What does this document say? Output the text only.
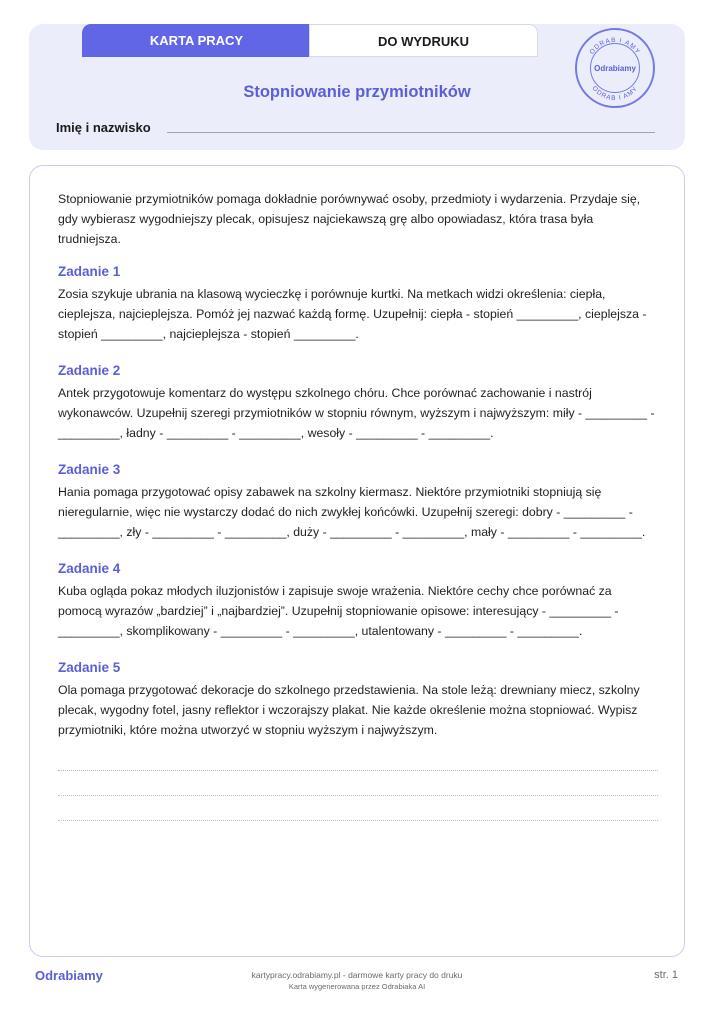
KARTA PRACY	DO WYDRUKU
ODRAB I AMY
ODRAB I AMY
Odrabiamy
Stopniowanie przymiotników
Imię i nazwisko

Stopniowanie przymiotników pomaga dokładnie porównywać osoby, przedmioty i wydarzenia. Przydaje się, gdy wybierasz wygodniejszy plecak, opisujesz najciekawszą grę albo opowiadasz, która trasa była trudniejsza.

Zadanie 1

Zosia szykuje ubrania na klasową wycieczkę i porównuje kurtki. Na metkach widzi określenia: ciepła, cieplejsza, najcieplejsza. Pomóż jej nazwać każdą formę. Uzupełnij: ciepła - stopień _________, cieplejsza - stopień _________, najcieplejsza - stopień _________.

Zadanie 2

Antek przygotowuje komentarz do występu szkolnego chóru. Chce porównać zachowanie i nastrój wykonawców. Uzupełnij szeregi przymiotników w stopniu równym, wyższym i najwyższym: miły - _________ - _________, ładny - _________ - _________, wesoły - _________ - _________.

Zadanie 3

Hania pomaga przygotować opisy zabawek na szkolny kiermasz. Niektóre przymiotniki stopniują się nieregularnie, więc nie wystarczy dodać do nich zwykłej końcówki. Uzupełnij szeregi: dobry - _________ - _________, zły - _________ - _________, duży - _________ - _________, mały - _________ - _________.

Zadanie 4

Kuba ogląda pokaz młodych iluzjonistów i zapisuje swoje wrażenia. Niektóre cechy chce porównać za pomocą wyrazów „bardziej” i „najbardziej”. Uzupełnij stopniowanie opisowe: interesujący - _________ - _________, skomplikowany - _________ - _________, utalentowany - _________ - _________.

Zadanie 5

Ola pomaga przygotować dekoracje do szkolnego przedstawienia. Na stole leżą: drewniany miecz, szkolny plecak, wygodny fotel, jasny reflektor i wczorajszy plakat. Nie każde określenie można stopniować. Wypisz przymiotniki, które można utworzyć w stopniu wyższym i najwyższym.

Odrabiamy	kartypracy.odrabiamy.pl - darmowe karty pracy do druku
Karta wygenerowana przez Odrabiaka AI
str. 1
